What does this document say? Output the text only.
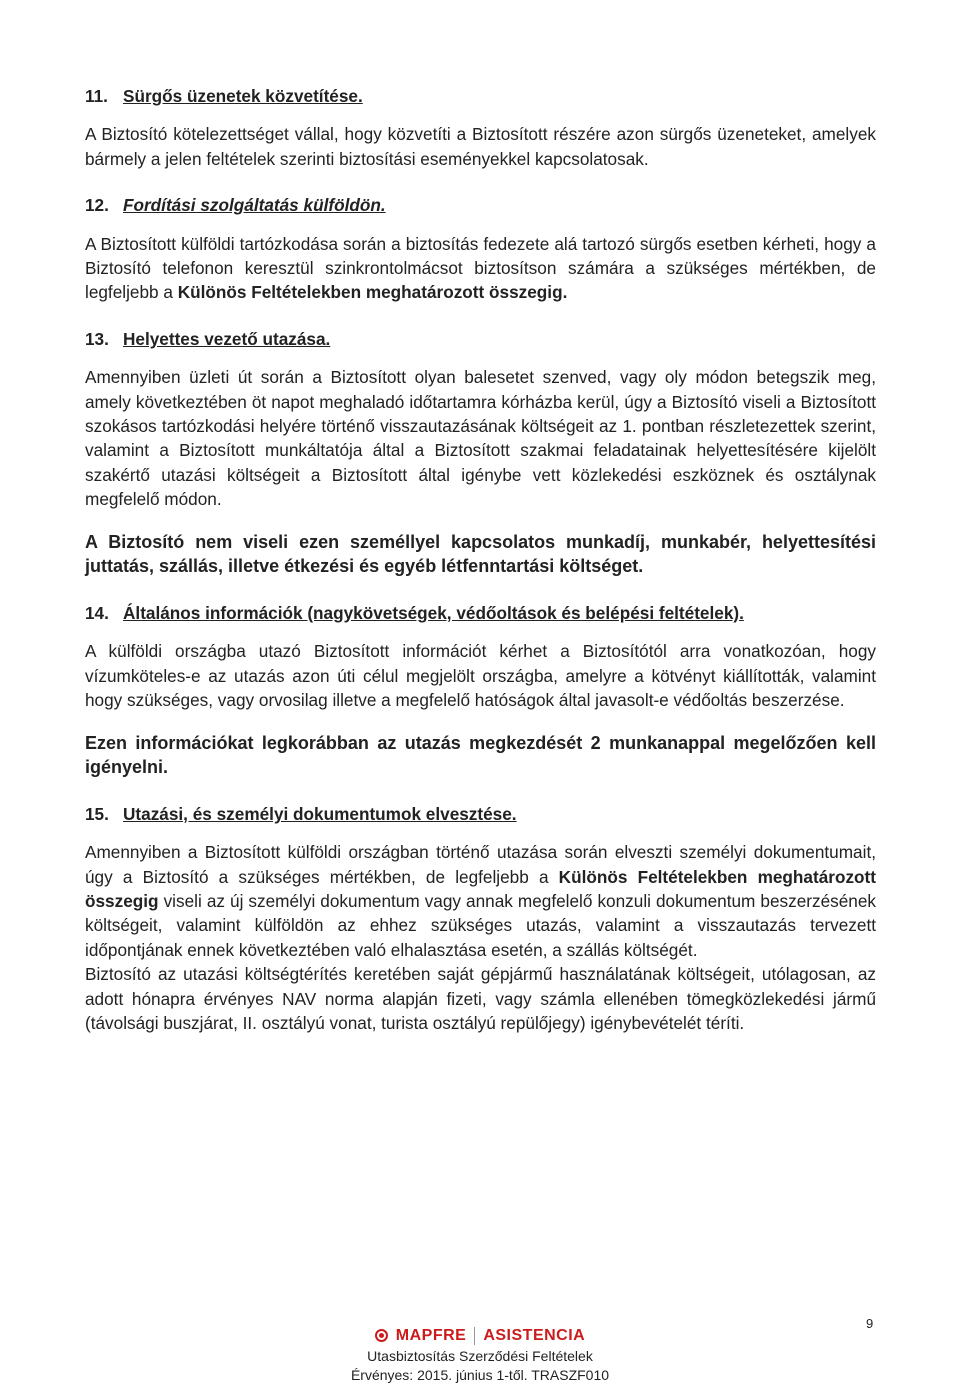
11. Sürgős üzenetek közvetítése.

A Biztosító kötelezettséget vállal, hogy közvetíti a Biztosított részére azon sürgős üzeneteket, amelyek bármely a jelen feltételek szerinti biztosítási eseményekkel kapcsolatosak.

12. Fordítási szolgáltatás külföldön.

A Biztosított külföldi tartózkodása során a biztosítás fedezete alá tartozó sürgős esetben kérheti, hogy a Biztosító telefonon keresztül szinkrontolmácsot biztosítson számára a szükséges mértékben, de legfeljebb a Különös Feltételekben meghatározott összegig.

13. Helyettes vezető utazása.

Amennyiben üzleti út során a Biztosított olyan balesetet szenved, vagy oly módon betegszik meg, amely következtében öt napot meghaladó időtartamra kórházba kerül, úgy a Biztosító viseli a Biztosított szokásos tartózkodási helyére történő visszautazásának költségeit az 1. pontban részletezettek szerint, valamint a Biztosított munkáltatója által a Biztosított szakmai feladatainak helyettesítésére kijelölt szakértő utazási költségeit a Biztosított által igénybe vett közlekedési eszköznek és osztálynak megfelelő módon.

A Biztosító nem viseli ezen személlyel kapcsolatos munkadíj, munkabér, helyettesítési juttatás, szállás, illetve étkezési és egyéb létfenntartási költséget.

14. Általános információk (nagykövetségek, védőoltások és belépési feltételek).

A külföldi országba utazó Biztosított információt kérhet a Biztosítótól arra vonatkozóan, hogy vízumköteles-e az utazás azon úti célul megjelölt országba, amelyre a kötvényt kiállították, valamint hogy szükséges, vagy orvosilag illetve a megfelelő hatóságok által javasolt-e védőoltás beszerzése.

Ezen információkat legkorábban az utazás megkezdését 2 munkanappal megelőzően kell igényelni.

15. Utazási, és személyi dokumentumok elvesztése.

Amennyiben a Biztosított külföldi országban történő utazása során elveszti személyi dokumentumait, úgy a Biztosító a szükséges mértékben, de legfeljebb a Különös Feltételekben meghatározott összegig viseli az új személyi dokumentum vagy annak megfelelő konzuli dokumentum beszerzésének költségeit, valamint külföldön az ehhez szükséges utazás, valamint a visszautazás tervezett időpontjának ennek következtében való elhalasztása esetén, a szállás költségét.

Biztosító az utazási költségtérítés keretében saját gépjármű használatának költségeit, utólagosan, az adott hónapra érvényes NAV norma alapján fizeti, vagy számla ellenében tömegközlekedési jármű (távolsági buszjárat, II. osztályú vonat, turista osztályú repülőjegy) igénybevételét téríti.

MAPFRE ASISTENCIA
Utasbiztosítás Szerződési Feltételek
Érvényes: 2015. június 1-től. TRASZF010
9
